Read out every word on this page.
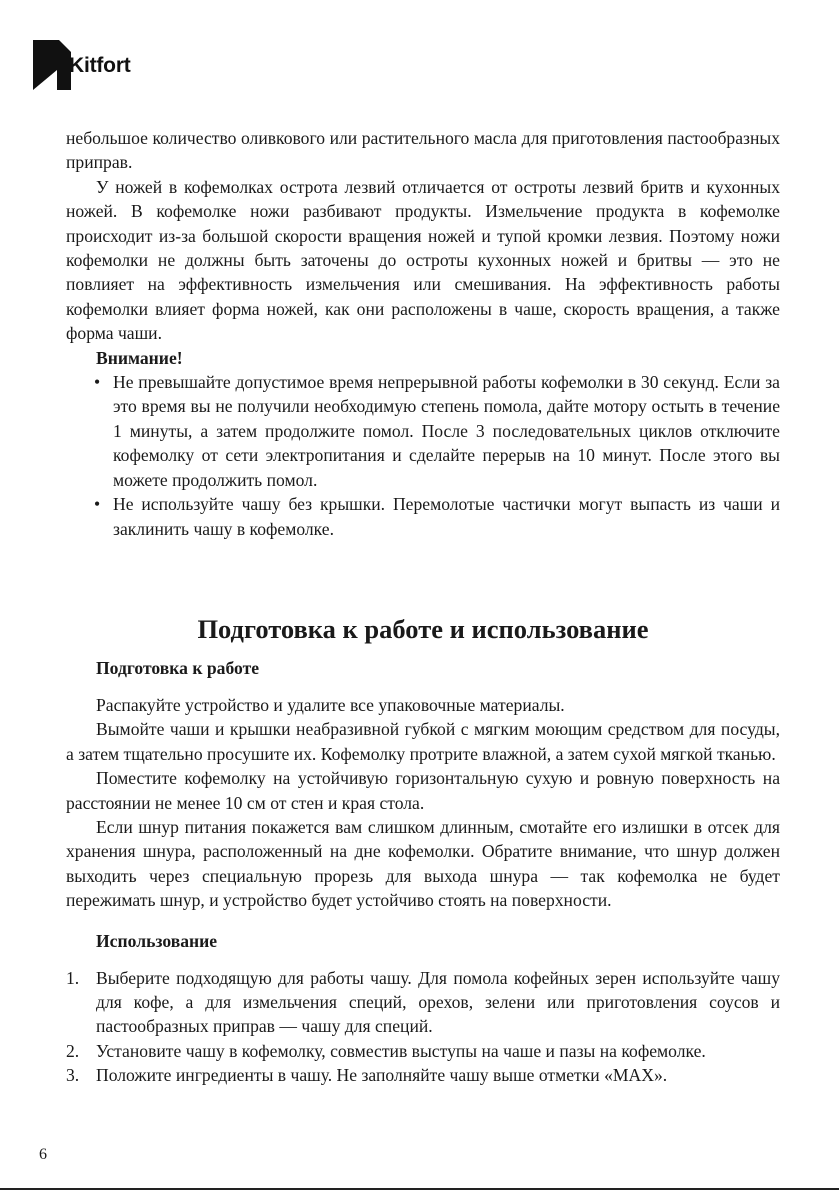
Kitfort

небольшое количество оливкового или растительного масла для приготовления пастообразных приправ.

У ножей в кофемолках острота лезвий отличается от остроты лезвий бритв и кухонных ножей. В кофемолке ножи разбивают продукты. Измельчение продукта в кофемолке происходит из-за большой скорости вращения ножей и тупой кромки лезвия. Поэтому ножи кофемолки не должны быть заточены до остроты кухонных ножей и бритвы — это не повлияет на эффективность измельчения или смешивания. На эффективность работы кофемолки влияет форма ножей, как они расположены в чаше, скорость вращения, а также форма чаши.

Внимание!

• Не превышайте допустимое время непрерывной работы кофемолки в 30 секунд. Если за это время вы не получили необходимую степень помола, дайте мотору остыть в течение 1 минуты, а затем продолжите помол. После 3 последовательных циклов отключите кофемолку от сети электропитания и сделайте перерыв на 10 минут. После этого вы можете продолжить помол.
• Не используйте чашу без крышки. Перемолотые частички могут выпасть из чаши и заклинить чашу в кофемолке.
Подготовка к работе и использование
Подготовка к работе

Распакуйте устройство и удалите все упаковочные материалы.

Вымойте чаши и крышки неабразивной губкой с мягким моющим средством для посуды, а затем тщательно просушите их. Кофемолку протрите влажной, а затем сухой мягкой тканью.

Поместите кофемолку на устойчивую горизонтальную сухую и ровную поверхность на расстоянии не менее 10 см от стен и края стола.

Если шнур питания покажется вам слишком длинным, смотайте его излишки в отсек для хранения шнура, расположенный на дне кофемолки. Обратите внимание, что шнур должен выходить через специальную прорезь для выхода шнура — так кофемолка не будет пережимать шнур, и устройство будет устойчиво стоять на поверхности.

Использование
1. Выберите подходящую для работы чашу. Для помола кофейных зерен используйте чашу для кофе, а для измельчения специй, орехов, зелени или приготовления соусов и пастообразных приправ — чашу для специй.
2. Установите чашу в кофемолку, совместив выступы на чаше и пазы на кофемолке.
3. Положите ингредиенты в чашу. Не заполняйте чашу выше отметки «MAX».
6
